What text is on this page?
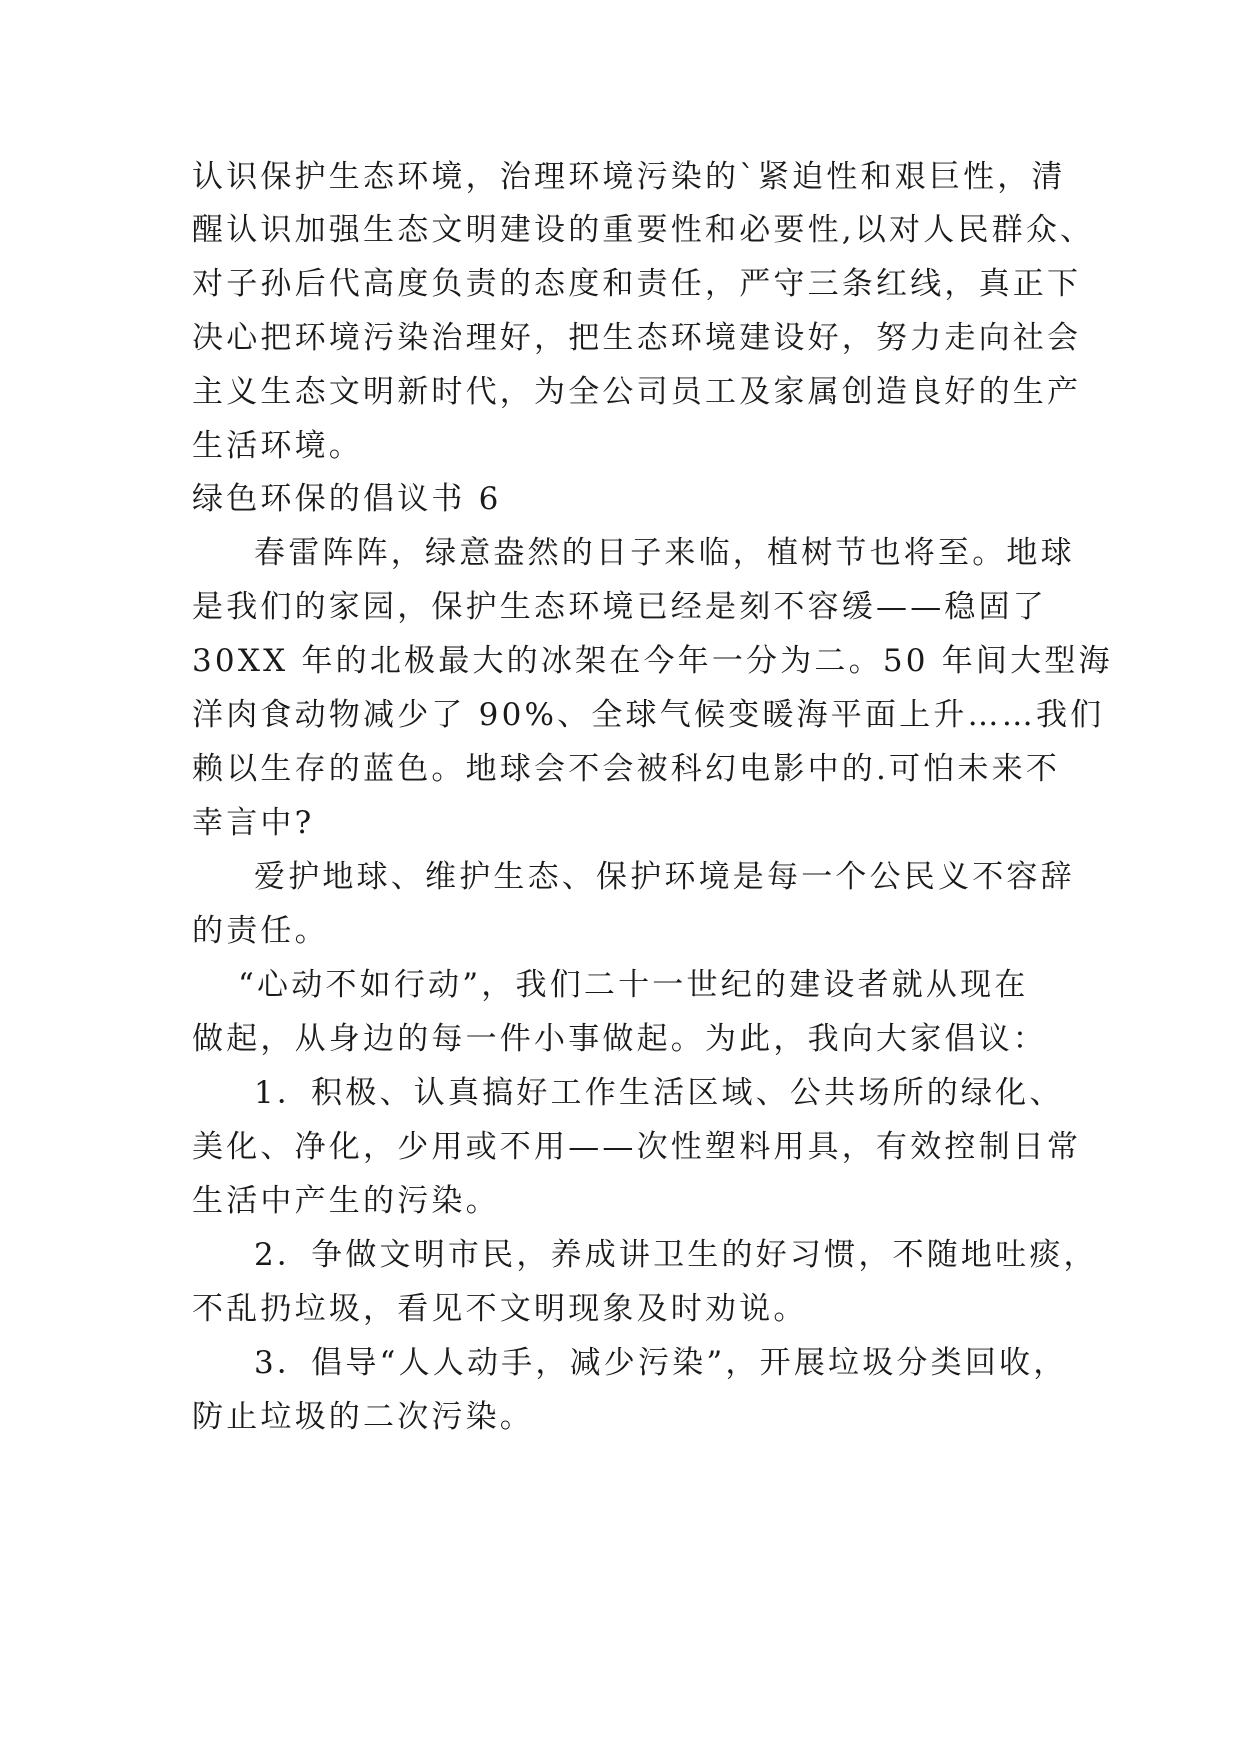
认识保护生态环境，治理环境污染的`紧迫性和艰巨性，清
醒认识加强生态文明建设的重要性和必要性,以对人民群众、
对子孙后代高度负责的态度和责任，严守三条红线，真正下
决心把环境污染治理好，把生态环境建设好，努力走向社会
主义生态文明新时代，为全公司员工及家属创造良好的生产
生活环境。
绿色环保的倡议书 6
春雷阵阵，绿意盎然的日子来临，植树节也将至。地球
是我们的家园，保护生态环境已经是刻不容缓——稳固了
30XX 年的北极最大的冰架在今年一分为二。50 年间大型海
洋肉食动物减少了 90%、全球气候变暖海平面上升……我们
赖以生存的蓝色。地球会不会被科幻电影中的.可怕未来不
幸言中?
爱护地球、维护生态、保护环境是每一个公民义不容辞
的责任。
“心动不如行动”，我们二十一世纪的建设者就从现在
做起，从身边的每一件小事做起。为此，我向大家倡议：
1．积极、认真搞好工作生活区域、公共场所的绿化、
美化、净化，少用或不用——次性塑料用具，有效控制日常
生活中产生的污染。
2．争做文明市民，养成讲卫生的好习惯，不随地吐痰，
不乱扔垃圾，看见不文明现象及时劝说。
3．倡导“人人动手，减少污染”，开展垃圾分类回收，
防止垃圾的二次污染。
